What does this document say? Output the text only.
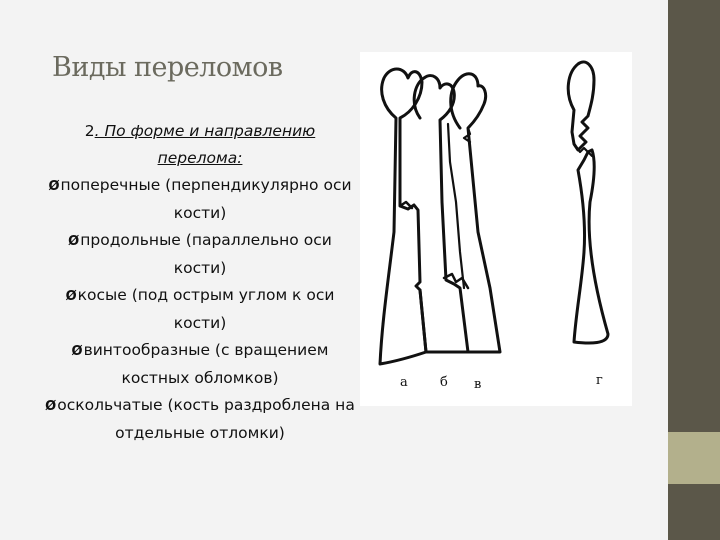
Виды переломов

2. По форме и направлению перелома:

Øпоперечные (перпендикулярно оси кости)

Øпродольные (параллельно оси кости)

Øкосые (под острым углом к оси кости)

Øвинтообразные (с вращением костных обломков)

Øоскольчатые (кость раздроблена на отдельные отломки)

а б в	г
